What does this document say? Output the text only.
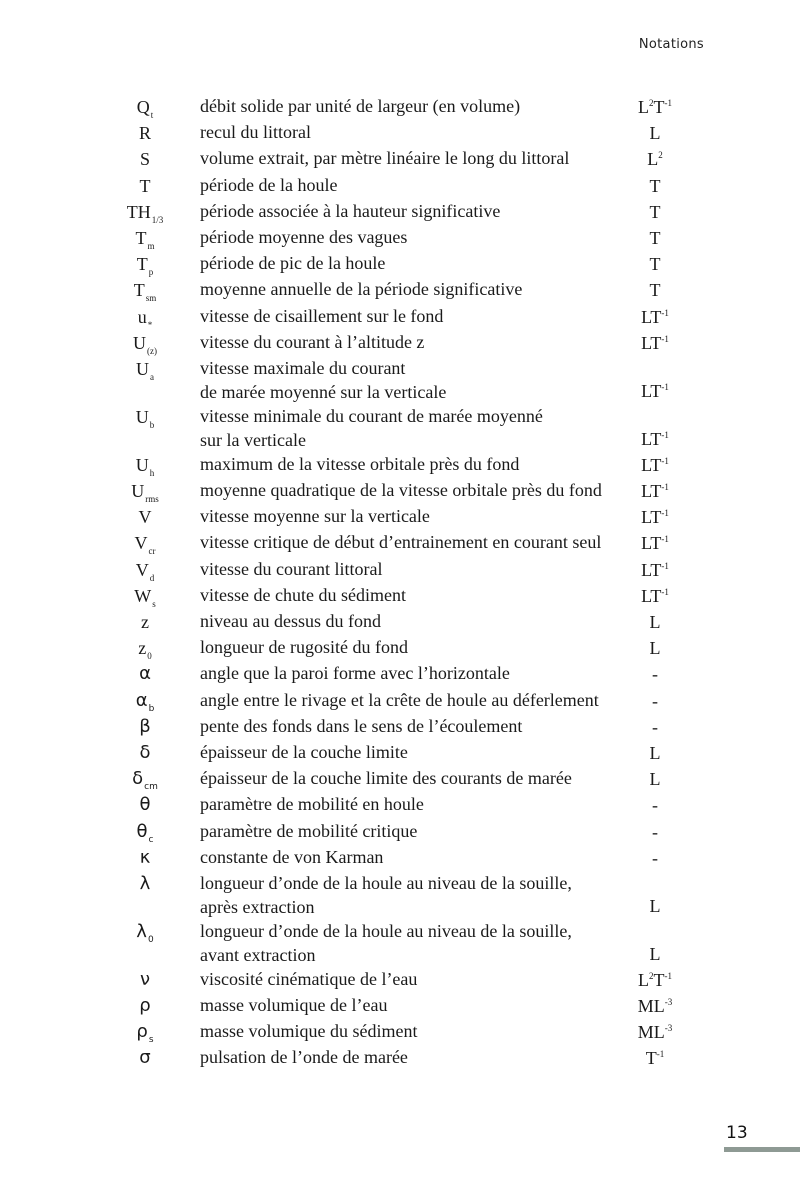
Notations
$Q_t$	débit solide par unité de largeur (en volume)	$L^2T^{-1}$
R	recul du littoral	L
S	volume extrait, par mètre linéaire le long du littoral	$L^2$
T	période de la houle	T
$TH_{1/3}$	période associée à la hauteur significative	T
$T_m$	période moyenne des vagues	T
$T_p$	période de pic de la houle	T
$T_{sm}$	moyenne annuelle de la période significative	T
$u_*$	vitesse de cisaillement sur le fond	$LT^{-1}$
$U_{(z)}$	vitesse du courant à l’altitude z	$LT^{-1}$
$U_a$	vitesse maximale du courant
de marée moyenné sur la verticale	$LT^{-1}$
$U_b$	vitesse minimale du courant de marée moyenné
sur la verticale	$LT^{-1}$
$U_h$	maximum de la vitesse orbitale près du fond	$LT^{-1}$
$U_{rms}$	moyenne quadratique de la vitesse orbitale près du fond	$LT^{-1}$
V	vitesse moyenne sur la verticale	$LT^{-1}$
$V_{cr}$	vitesse critique de début d’entrainement en courant seul	$LT^{-1}$
$V_d$	vitesse du courant littoral	$LT^{-1}$
$W_s$	vitesse de chute du sédiment	$LT^{-1}$
z	niveau au dessus du fond	L
$z_0$	longueur de rugosité du fond	L
α	angle que la paroi forme avec l’horizontale	-
$\alpha_b$	angle entre le rivage et la crête de houle au déferlement	-
β	pente des fonds dans le sens de l’écoulement	-
δ	épaisseur de la couche limite	L
$\delta_{cm}$	épaisseur de la couche limite des courants de marée	L
θ	paramètre de mobilité en houle	-
$\theta_c$	paramètre de mobilité critique	-
κ	constante de von Karman	-
λ	longueur d’onde de la houle au niveau de la souille,
après extraction	L
$\lambda_0$	longueur d’onde de la houle au niveau de la souille,
avant extraction	L
ν	viscosité cinématique de l’eau	$L^2T^{-1}$
ρ	masse volumique de l’eau	$ML^{-3}$
$\rho_s$	masse volumique du sédiment	$ML^{-3}$
σ	pulsation de l’onde de marée	$T^{-1}$
13
